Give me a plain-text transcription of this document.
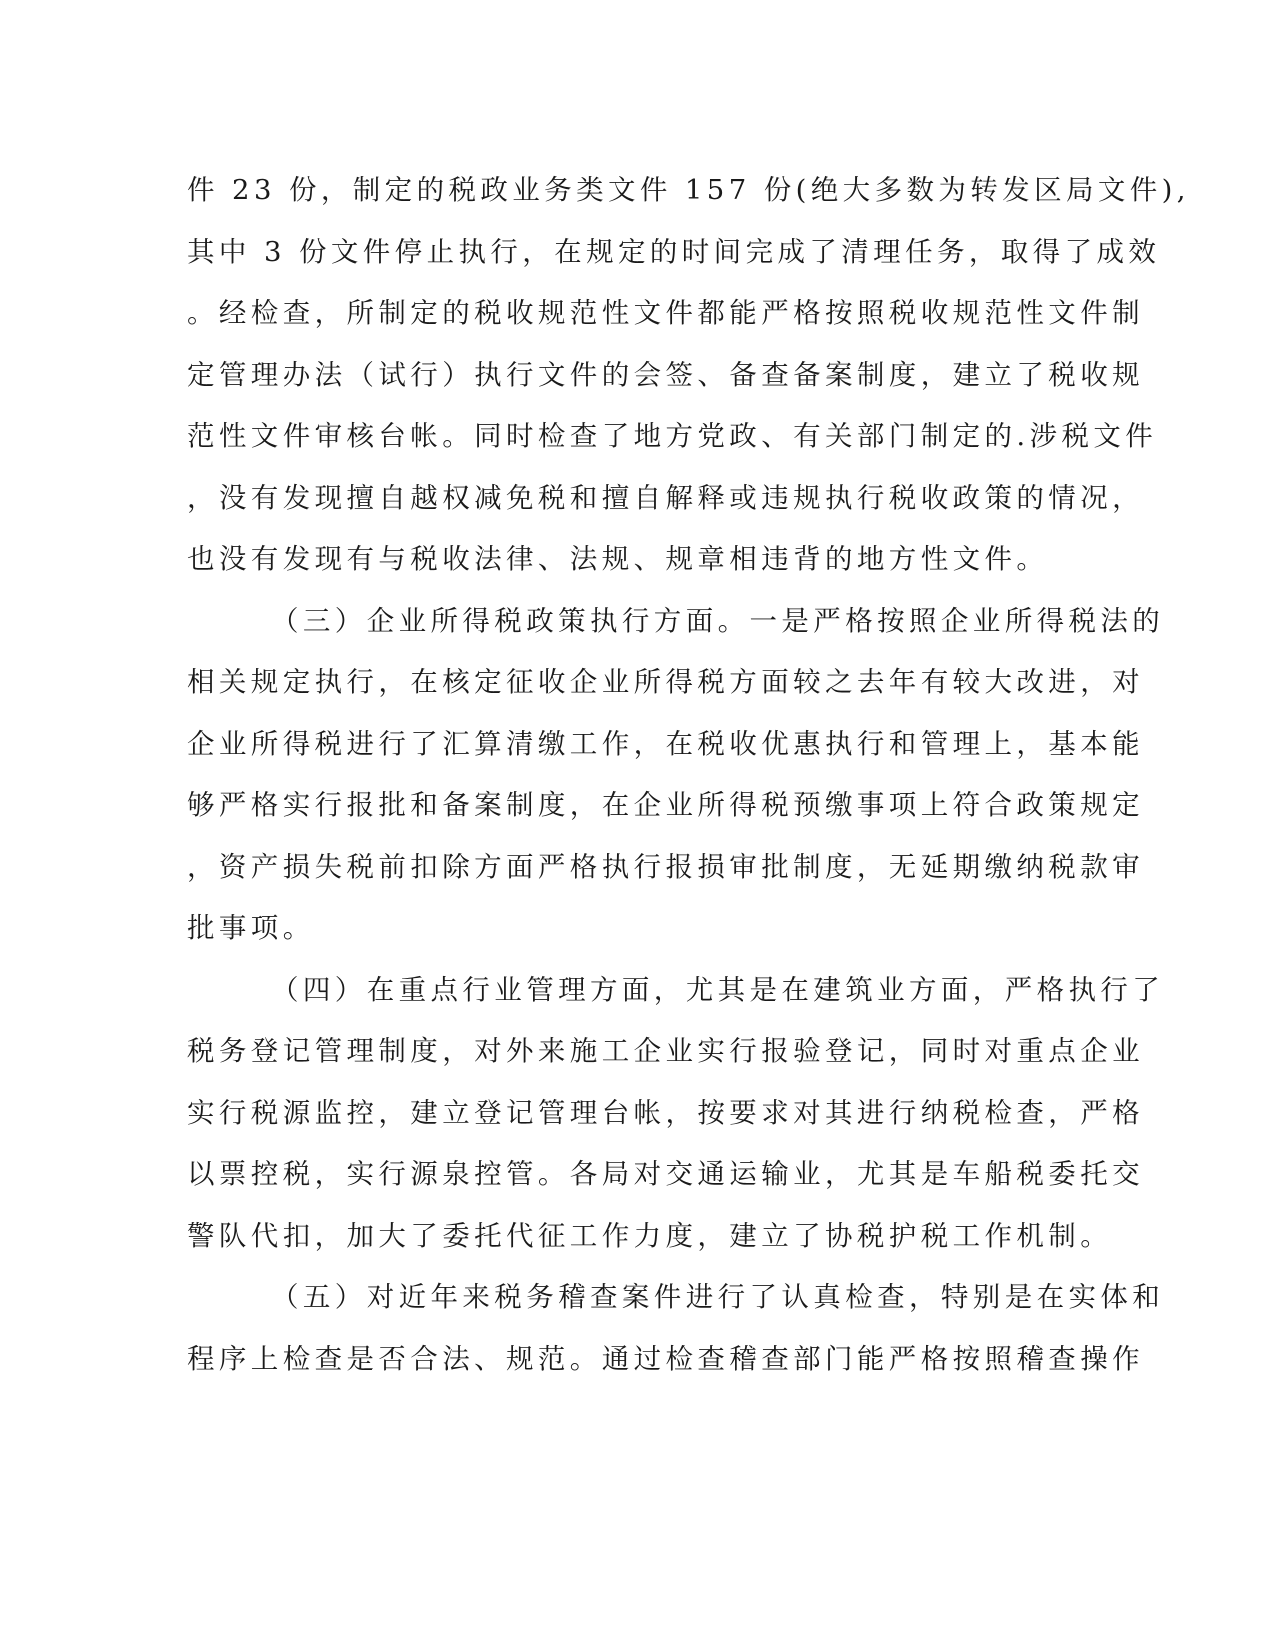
件 23 份，制定的税政业务类文件 157 份(绝大多数为转发区局文件),
其中 3 份文件停止执行，在规定的时间完成了清理任务，取得了成效
。经检查，所制定的税收规范性文件都能严格按照税收规范性文件制
定管理办法（试行）执行文件的会签、备查备案制度，建立了税收规
范性文件审核台帐。同时检查了地方党政、有关部门制定的.涉税文件
，没有发现擅自越权减免税和擅自解释或违规执行税收政策的情况，
也没有发现有与税收法律、法规、规章相违背的地方性文件。
（三）企业所得税政策执行方面。一是严格按照企业所得税法的
相关规定执行，在核定征收企业所得税方面较之去年有较大改进，对
企业所得税进行了汇算清缴工作，在税收优惠执行和管理上，基本能
够严格实行报批和备案制度，在企业所得税预缴事项上符合政策规定
，资产损失税前扣除方面严格执行报损审批制度，无延期缴纳税款审
批事项。
（四）在重点行业管理方面，尤其是在建筑业方面，严格执行了
税务登记管理制度，对外来施工企业实行报验登记，同时对重点企业
实行税源监控，建立登记管理台帐，按要求对其进行纳税检查，严格
以票控税，实行源泉控管。各局对交通运输业，尤其是车船税委托交
警队代扣，加大了委托代征工作力度，建立了协税护税工作机制。
（五）对近年来税务稽查案件进行了认真检查，特别是在实体和
程序上检查是否合法、规范。通过检查稽查部门能严格按照稽查操作
